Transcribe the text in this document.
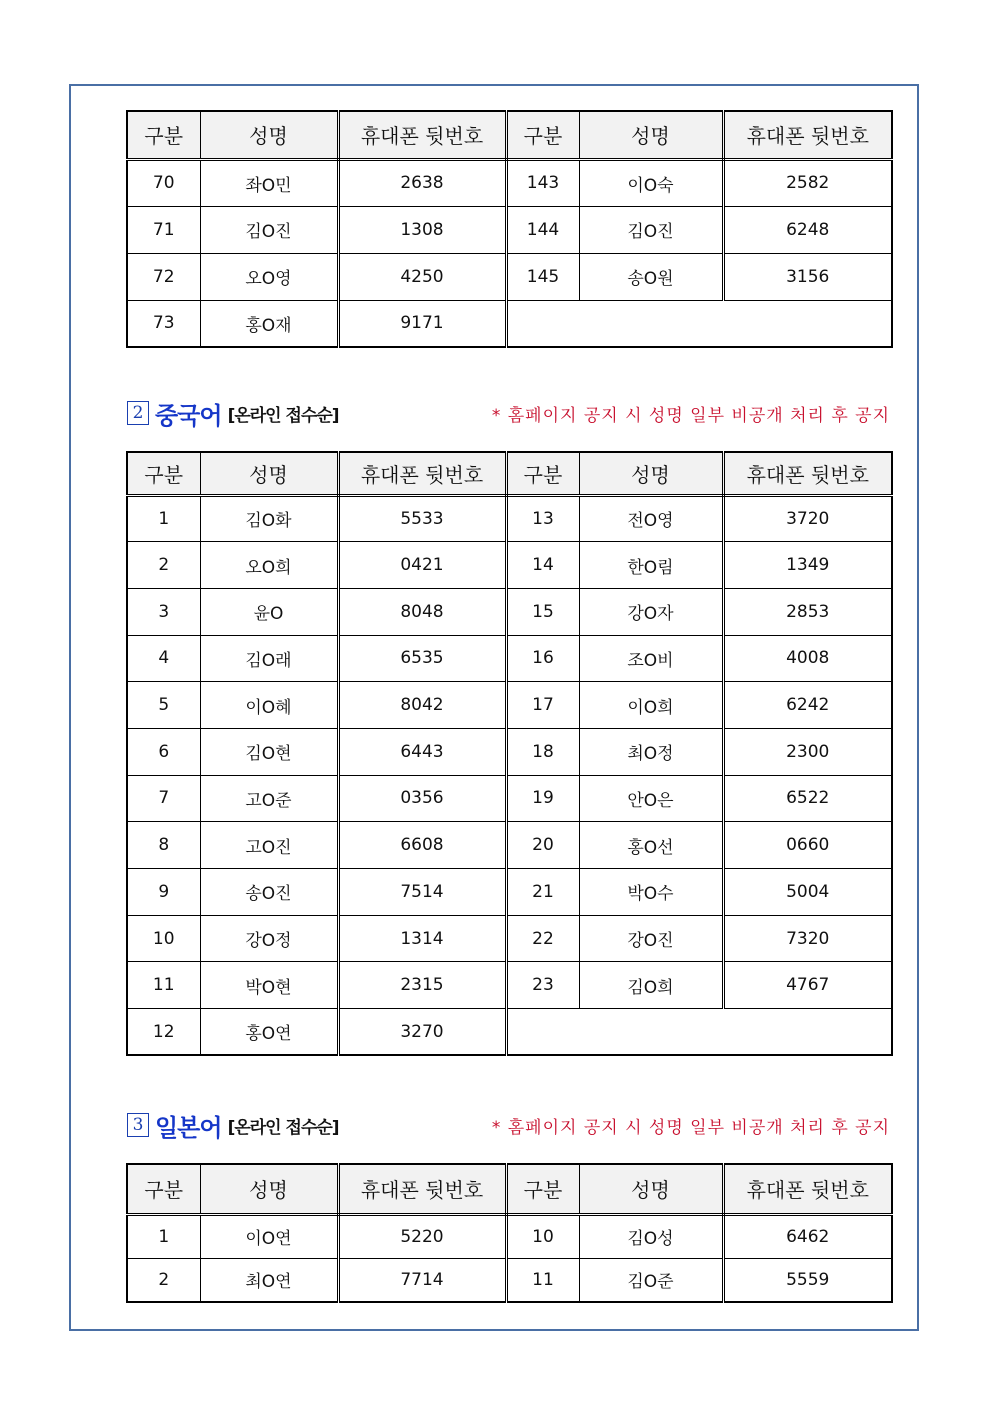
구분	성명	휴대폰 뒷번호	구분	성명	휴대폰 뒷번호
70	좌O민	2638	143	이O숙	2582
71	김O진	1308	144	김O진	6248
72	오O영	4250	145	송O원	3156
73	홍O재	9171			
2 중국어 [온라인 접수순]	* 홈페이지 공지 시 성명 일부 비공개 처리 후 공지
구분	성명	휴대폰 뒷번호	구분	성명	휴대폰 뒷번호
1	김O화	5533	13	전O영	3720
2	오O희	0421	14	한O림	1349
3	윤O	8048	15	강O자	2853
4	김O래	6535	16	조O비	4008
5	이O혜	8042	17	이O희	6242
6	김O현	6443	18	최O정	2300
7	고O준	0356	19	안O은	6522
8	고O진	6608	20	홍O선	0660
9	송O진	7514	21	박O수	5004
10	강O정	1314	22	강O진	7320
11	박O현	2315	23	김O희	4767
12	홍O연	3270			
3 일본어 [온라인 접수순]	* 홈페이지 공지 시 성명 일부 비공개 처리 후 공지
구분	성명	휴대폰 뒷번호	구분	성명	휴대폰 뒷번호
1	이O연	5220	10	김O성	6462
2	최O연	7714	11	김O준	5559
